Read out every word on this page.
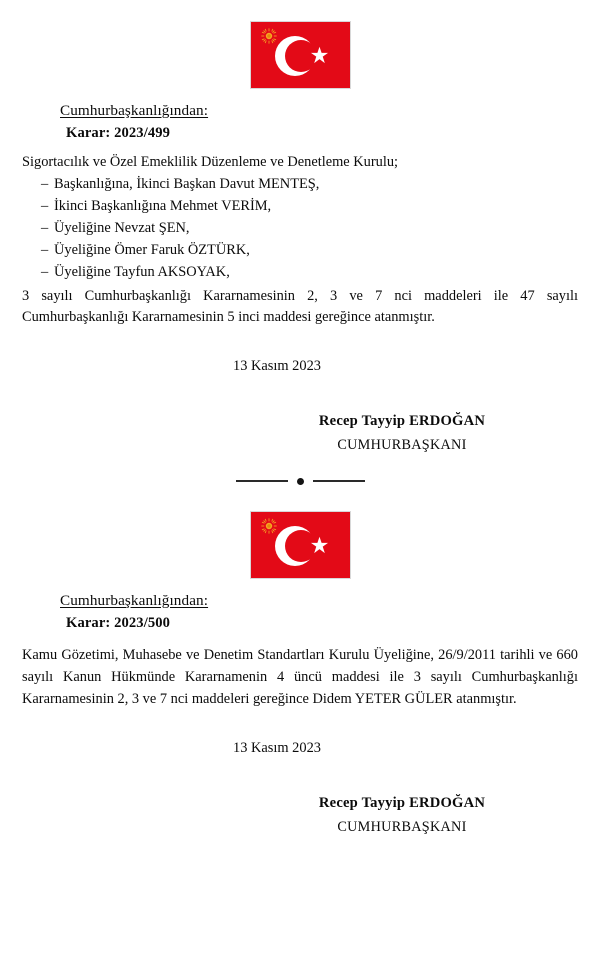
Cumhurbaşkanlığından:
Karar: 2023/499
Sigortacılık ve Özel Emeklilik Düzenleme ve Denetleme Kurulu;
– Başkanlığına, İkinci Başkan Davut MENTEŞ,
– İkinci Başkanlığına Mehmet VERİM,
– Üyeliğine Nevzat ŞEN,
– Üyeliğine Ömer Faruk ÖZTÜRK,
– Üyeliğine Tayfun AKSOYAK,

3 sayılı Cumhurbaşkanlığı Kararnamesinin 2, 3 ve 7 nci maddeleri ile 47 sayılı Cumhurbaşkanlığı Kararnamesinin 5 inci maddesi gereğince atanmıştır.

13 Kasım 2023
Recep Tayyip ERDOĞAN
CUMHURBAŞKANI
Cumhurbaşkanlığından:
Karar: 2023/500

Kamu Gözetimi, Muhasebe ve Denetim Standartları Kurulu Üyeliğine, 26/9/2011 tarihli ve 660 sayılı Kanun Hükmünde Kararnamenin 4 üncü maddesi ile 3 sayılı Cumhurbaşkanlığı Kararnamesinin 2, 3 ve 7 nci maddeleri gereğince Didem YETER GÜLER atanmıştır.

13 Kasım 2023
Recep Tayyip ERDOĞAN
CUMHURBAŞKANI
